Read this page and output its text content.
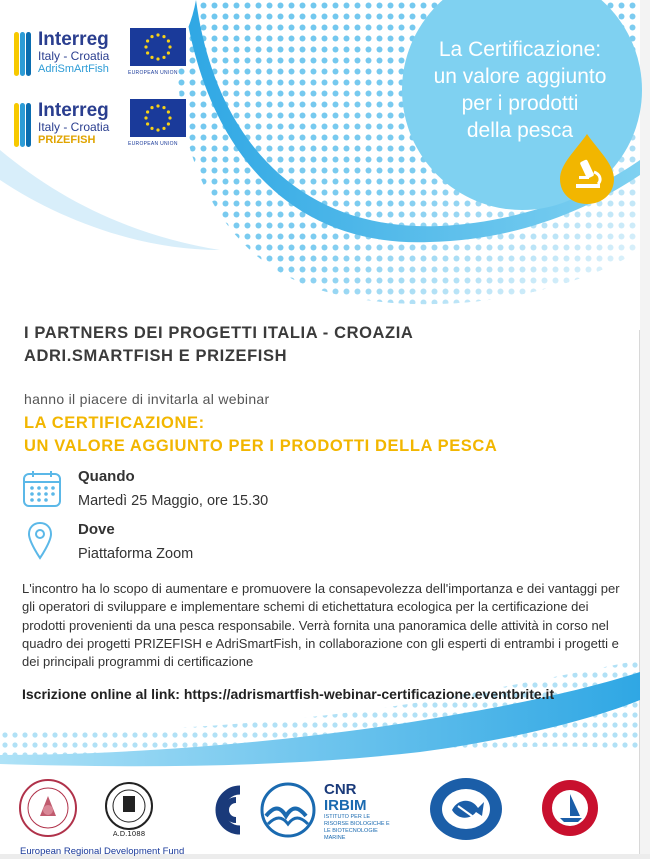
Interreg
Italy - Croatia
AdriSmArtFish	EUROPEAN UNION
Interreg
Italy - Croatia
PRIZEFISH	EUROPEAN UNION
La Certificazione:
un valore aggiunto
per i prodotti
della pesca
I PARTNERS DEI PROGETTI ITALIA - CROAZIA
ADRI.SMARTFISH E PRIZEFISH
hanno il piacere di invitarla al webinar
LA CERTIFICAZIONE:
UN VALORE AGGIUNTO PER I PRODOTTI DELLA PESCA
Quando
Martedì 25 Maggio, ore 15.30
Dove
Piattaforma Zoom
L'incontro ha lo scopo di aumentare e promuovere la consapevolezza dell'importanza e dei vantaggi per gli operatori di sviluppare e implementare schemi di etichettatura ecologica per la certificazione dei prodotti provenienti da una pesca responsabile. Verrà fornita una panoramica delle attività in corso nel quadro dei progetti PRIZEFISH e AdriSmartFish, in collaborazione con gli esperti di entrambi i progetti e dei principali programmi di certificazione
Iscrizione online al link: https://adrismartfish-webinar-certificazione.eventbrite.it
A.D.1088
CNR
IRBIM
ISTITUTO PER LE RISORSE BIOLOGICHE E LE BIOTECNOLOGIE MARINE
European Regional Development Fund
